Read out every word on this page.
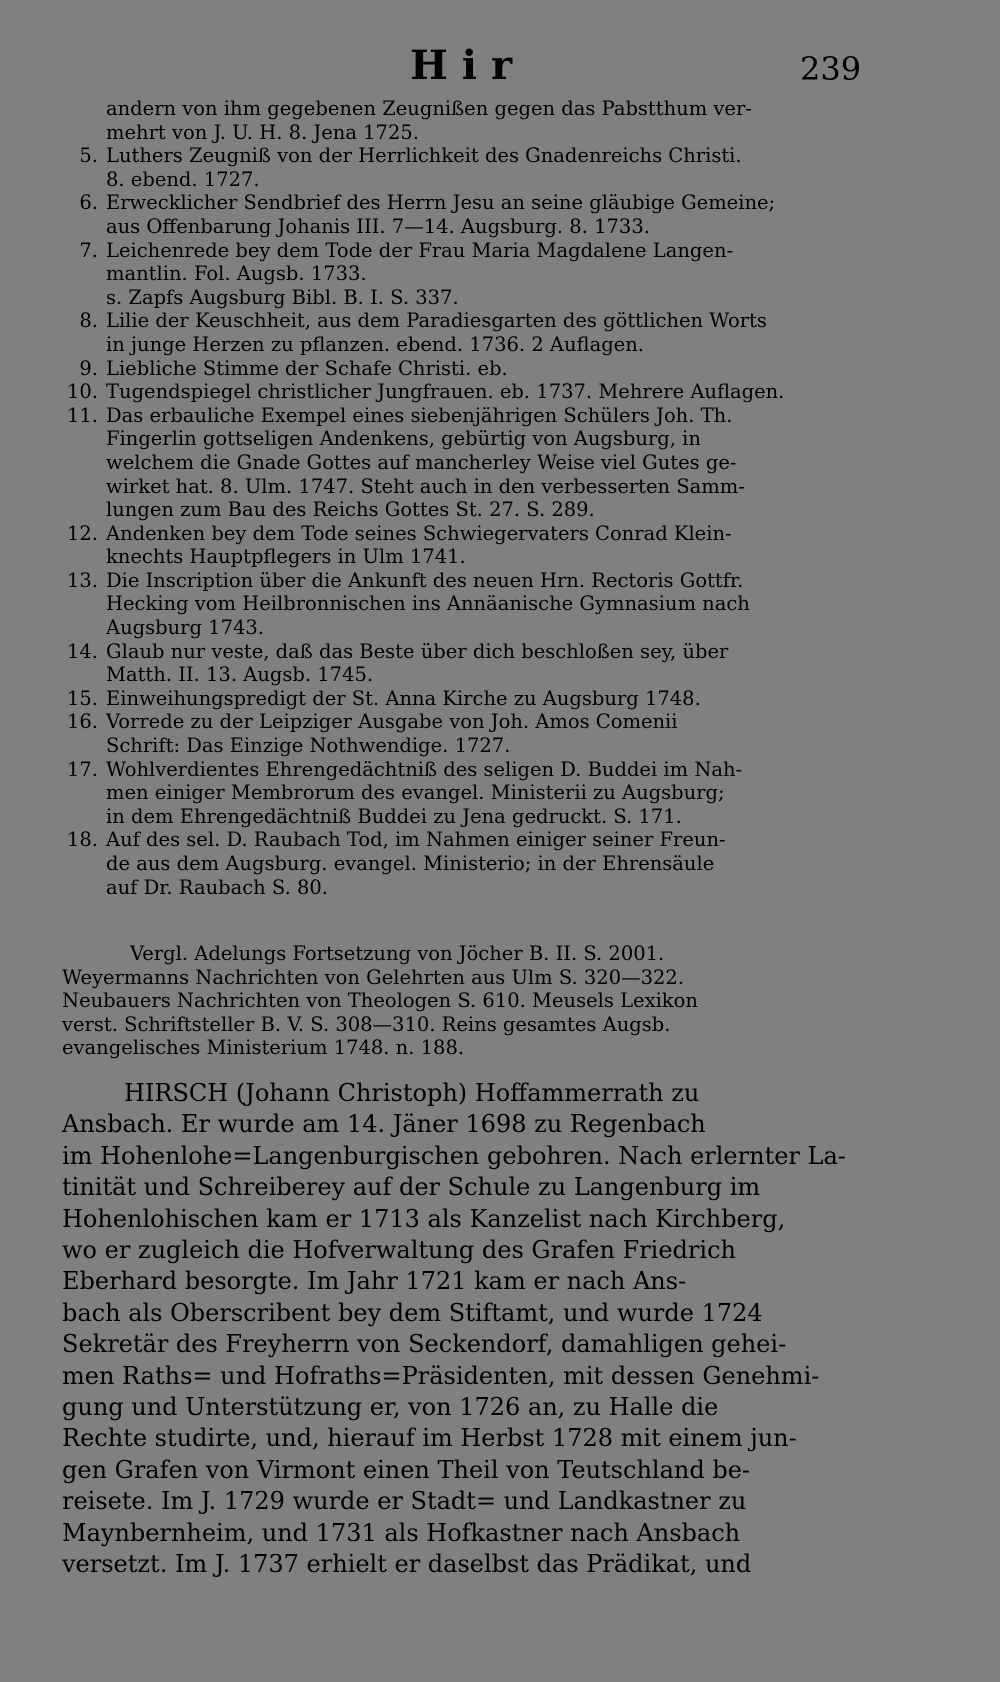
Hir	239
andern von ihm gegebenen Zeugnißen gegen das Pabstthum ver-
mehrt von J. U. H. 8. Jena 1725.
5. Luthers Zeugniß von der Herrlichkeit des Gnadenreichs Christi.
8. ebend. 1727.
6. Erwecklicher Sendbrief des Herrn Jesu an seine gläubige Gemeine;
aus Offenbarung Johanis III. 7—14. Augsburg. 8. 1733.
7. Leichenrede bey dem Tode der Frau Maria Magdalene Langen-
mantlin. Fol. Augsb. 1733.
s. Zapfs Augsburg Bibl. B. I. S. 337.
8. Lilie der Keuschheit, aus dem Paradiesgarten des göttlichen Worts
in junge Herzen zu pflanzen. ebend. 1736. 2 Auflagen.
9. Liebliche Stimme der Schafe Christi. eb.
10. Tugendspiegel christlicher Jungfrauen. eb. 1737. Mehrere Auflagen.
11. Das erbauliche Exempel eines siebenjährigen Schülers Joh. Th.
Fingerlin gottseligen Andenkens, gebürtig von Augsburg, in
welchem die Gnade Gottes auf mancherley Weise viel Gutes ge-
wirket hat. 8. Ulm. 1747. Steht auch in den verbesserten Samm-
lungen zum Bau des Reichs Gottes St. 27. S. 289.
12. Andenken bey dem Tode seines Schwiegervaters Conrad Klein-
knechts Hauptpflegers in Ulm 1741.
13. Die Inscription über die Ankunft des neuen Hrn. Rectoris Gottfr.
Hecking vom Heilbronnischen ins Annäanische Gymnasium nach
Augsburg 1743.
14. Glaub nur veste, daß das Beste über dich beschloßen sey, über
Matth. II. 13. Augsb. 1745.
15. Einweihungspredigt der St. Anna Kirche zu Augsburg 1748.
16. Vorrede zu der Leipziger Ausgabe von Joh. Amos Comenii
Schrift: Das Einzige Nothwendige. 1727.
17. Wohlverdientes Ehrengedächtniß des seligen D. Buddei im Nah-
men einiger Membrorum des evangel. Ministerii zu Augsburg;
in dem Ehrengedächtniß Buddei zu Jena gedruckt. S. 171.
18. Auf des sel. D. Raubach Tod, im Nahmen einiger seiner Freun-
de aus dem Augsburg. evangel. Ministerio; in der Ehrensäule
auf Dr. Raubach S. 80.
Vergl. Adelungs Fortsetzung von Jöcher B. II. S. 2001.
Weyermanns Nachrichten von Gelehrten aus Ulm S. 320—322.
Neubauers Nachrichten von Theologen S. 610. Meusels Lexikon
verst. Schriftsteller B. V. S. 308—310. Reins gesamtes Augsb.
evangelisches Ministerium 1748. n. 188.
HIRSCH (Johann Christoph) Hoffammerrath zu
Ansbach. Er wurde am 14. Jäner 1698 zu Regenbach
im Hohenlohe=Langenburgischen gebohren. Nach erlernter La-
tinität und Schreiberey auf der Schule zu Langenburg im
Hohenlohischen kam er 1713 als Kanzelist nach Kirchberg,
wo er zugleich die Hofverwaltung des Grafen Friedrich
Eberhard besorgte. Im Jahr 1721 kam er nach Ans-
bach als Oberscribent bey dem Stiftamt, und wurde 1724
Sekretär des Freyherrn von Seckendorf, damahligen gehei-
men Raths= und Hofraths=Präsidenten, mit dessen Genehmi-
gung und Unterstützung er, von 1726 an, zu Halle die
Rechte studirte, und, hierauf im Herbst 1728 mit einem jun-
gen Grafen von Virmont einen Theil von Teutschland be-
reisete. Im J. 1729 wurde er Stadt= und Landkastner zu
Maynbernheim, und 1731 als Hofkastner nach Ansbach
versetzt. Im J. 1737 erhielt er daselbst das Prädikat, und
